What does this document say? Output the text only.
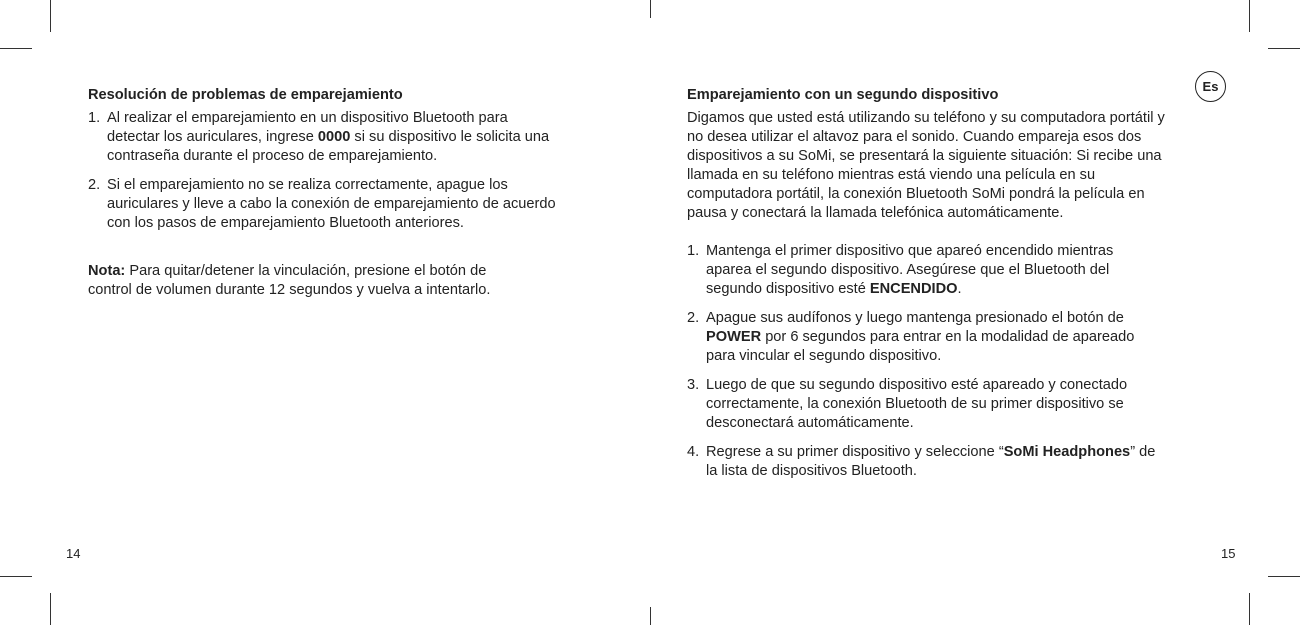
Es
Resolución de problemas de emparejamiento
1. Al realizar el emparejamiento en un dispositivo Bluetooth para detectar los auriculares, ingrese 0000 si su dispositivo le solicita una contraseña durante el proceso de emparejamiento.
2. Si el emparejamiento no se realiza correctamente, apague los auriculares y lleve a cabo la conexión de emparejamiento de acuerdo con los pasos de emparejamiento Bluetooth anteriores.

Nota: Para quitar/detener la vinculación, presione el botón de control de volumen durante 12 segundos y vuelva a intentarlo.

Emparejamiento con un segundo dispositivo

Digamos que usted está utilizando su teléfono y su computadora portátil y no desea utilizar el altavoz para el sonido. Cuando empareja esos dos dispositivos a su SoMi, se presentará la siguiente situación: Si recibe una llamada en su teléfono mientras está viendo una película en su computadora portátil, la conexión Bluetooth SoMi pondrá la película en pausa y conectará la llamada telefónica automáticamente.

1. Mantenga el primer dispositivo que apareó encendido mientras aparea el segundo dispositivo. Asegúrese que el Bluetooth del segundo dispositivo esté ENCENDIDO.
2. Apague sus audífonos y luego mantenga presionado el botón de POWER por 6 segundos para entrar en la modalidad de apareado para vincular el segundo dispositivo.
3. Luego de que su segundo dispositivo esté apareado y conectado correctamente, la conexión Bluetooth de su primer dispositivo se desconectará automáticamente.
4. Regrese a su primer dispositivo y seleccione “SoMi Headphones” de la lista de dispositivos Bluetooth.
14	15
